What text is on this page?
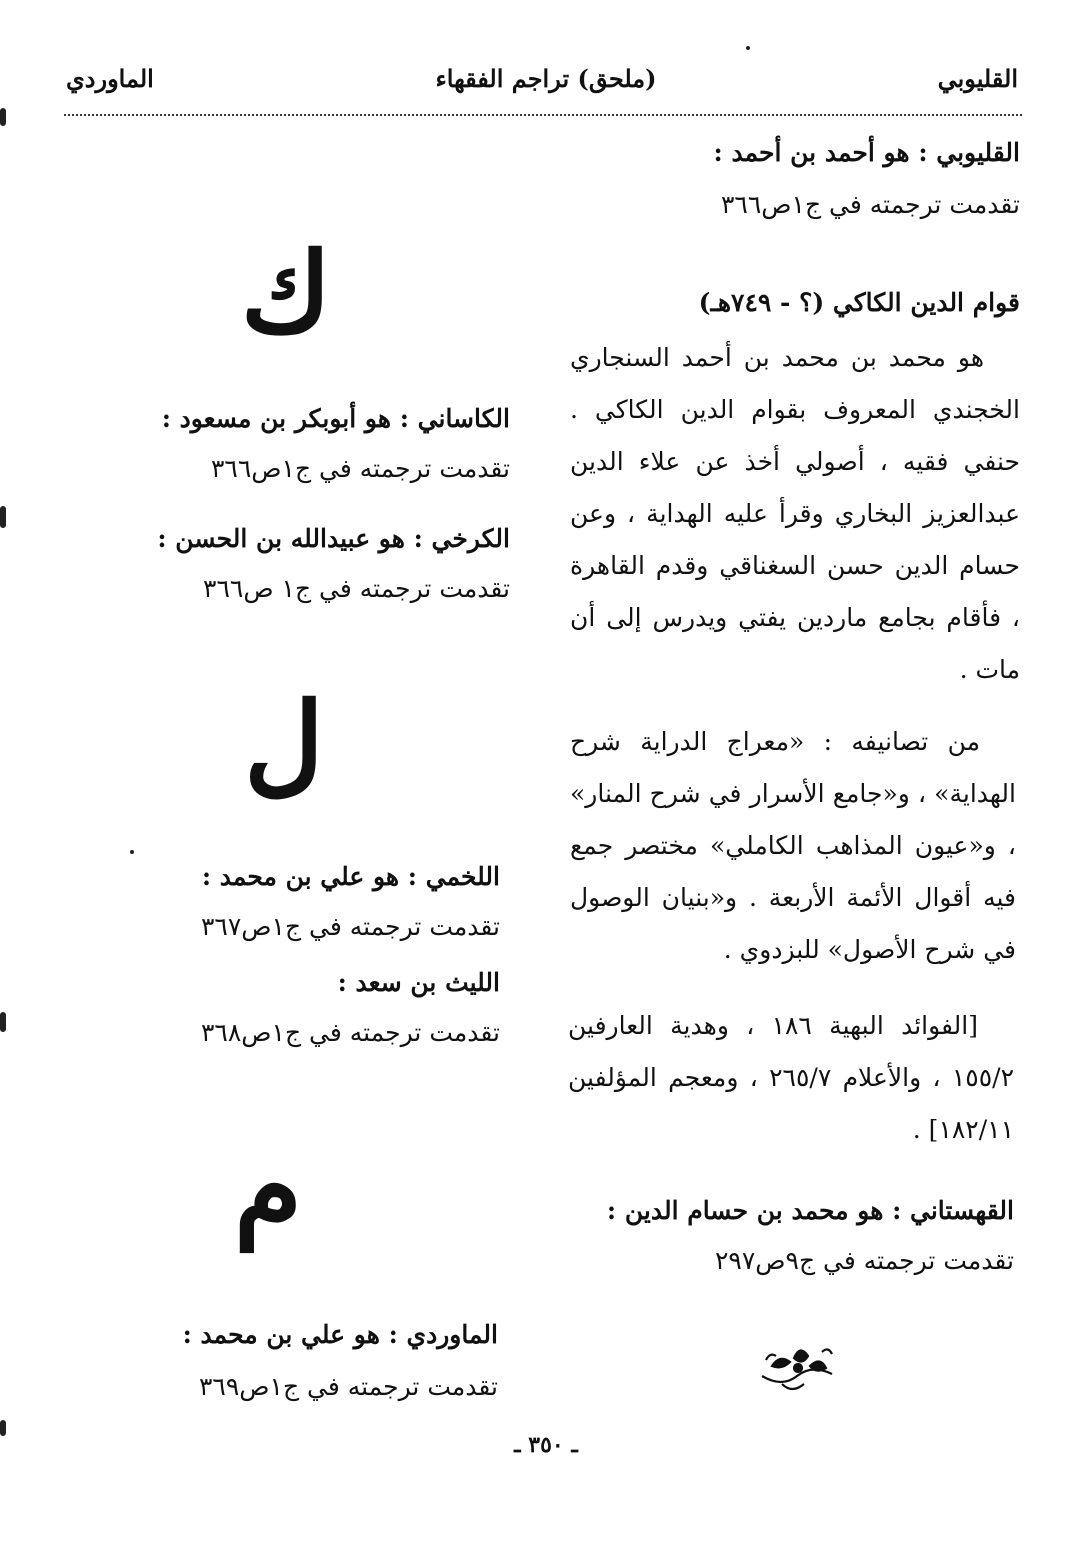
القليوبي
(ملحق) تراجم الفقهاء
الماوردي
القليوبي : هو أحمد بن أحمد :
تقدمت ترجمته في ج١ص٣٦٦
قوام الدين الكاكي (؟ - ٧٤٩هـ)
هو محمد بن محمد بن أحمد السنجاري الخجندي المعروف بقوام الدين الكاكي . حنفي فقيه ، أصولي أخذ عن علاء الدين عبدالعزيز البخاري وقرأ عليه الهداية ، وعن حسام الدين حسن السغناقي وقدم القاهرة ، فأقام بجامع ماردين يفتي ويدرس إلى أن مات .
من تصانيفه : «معراج الدراية شرح الهداية» ، و«جامع الأسرار في شرح المنار» ، و«عيون المذاهب الكاملي» مختصر جمع فيه أقوال الأئمة الأربعة . و«بنيان الوصول في شرح الأصول» للبزدوي .
[الفوائد البهية ١٨٦ ، وهدية العارفين ١٥٥/٢ ، والأعلام ٢٦٥/٧ ، ومعجم المؤلفين ١٨٢/١١] .
القهستاني : هو محمد بن حسام الدين :
تقدمت ترجمته في ج٩ص٢٩٧
ك
الكاساني : هو أبوبكر بن مسعود :
تقدمت ترجمته في ج١ص٣٦٦
الكرخي : هو عبيدالله بن الحسن :
تقدمت ترجمته في ج١ ص٣٦٦
ل
اللخمي : هو علي بن محمد :
تقدمت ترجمته في ج١ص٣٦٧
الليث بن سعد :
تقدمت ترجمته في ج١ص٣٦٨
م
الماوردي : هو علي بن محمد :
تقدمت ترجمته في ج١ص٣٦٩
ـ ٣٥٠ ـ
